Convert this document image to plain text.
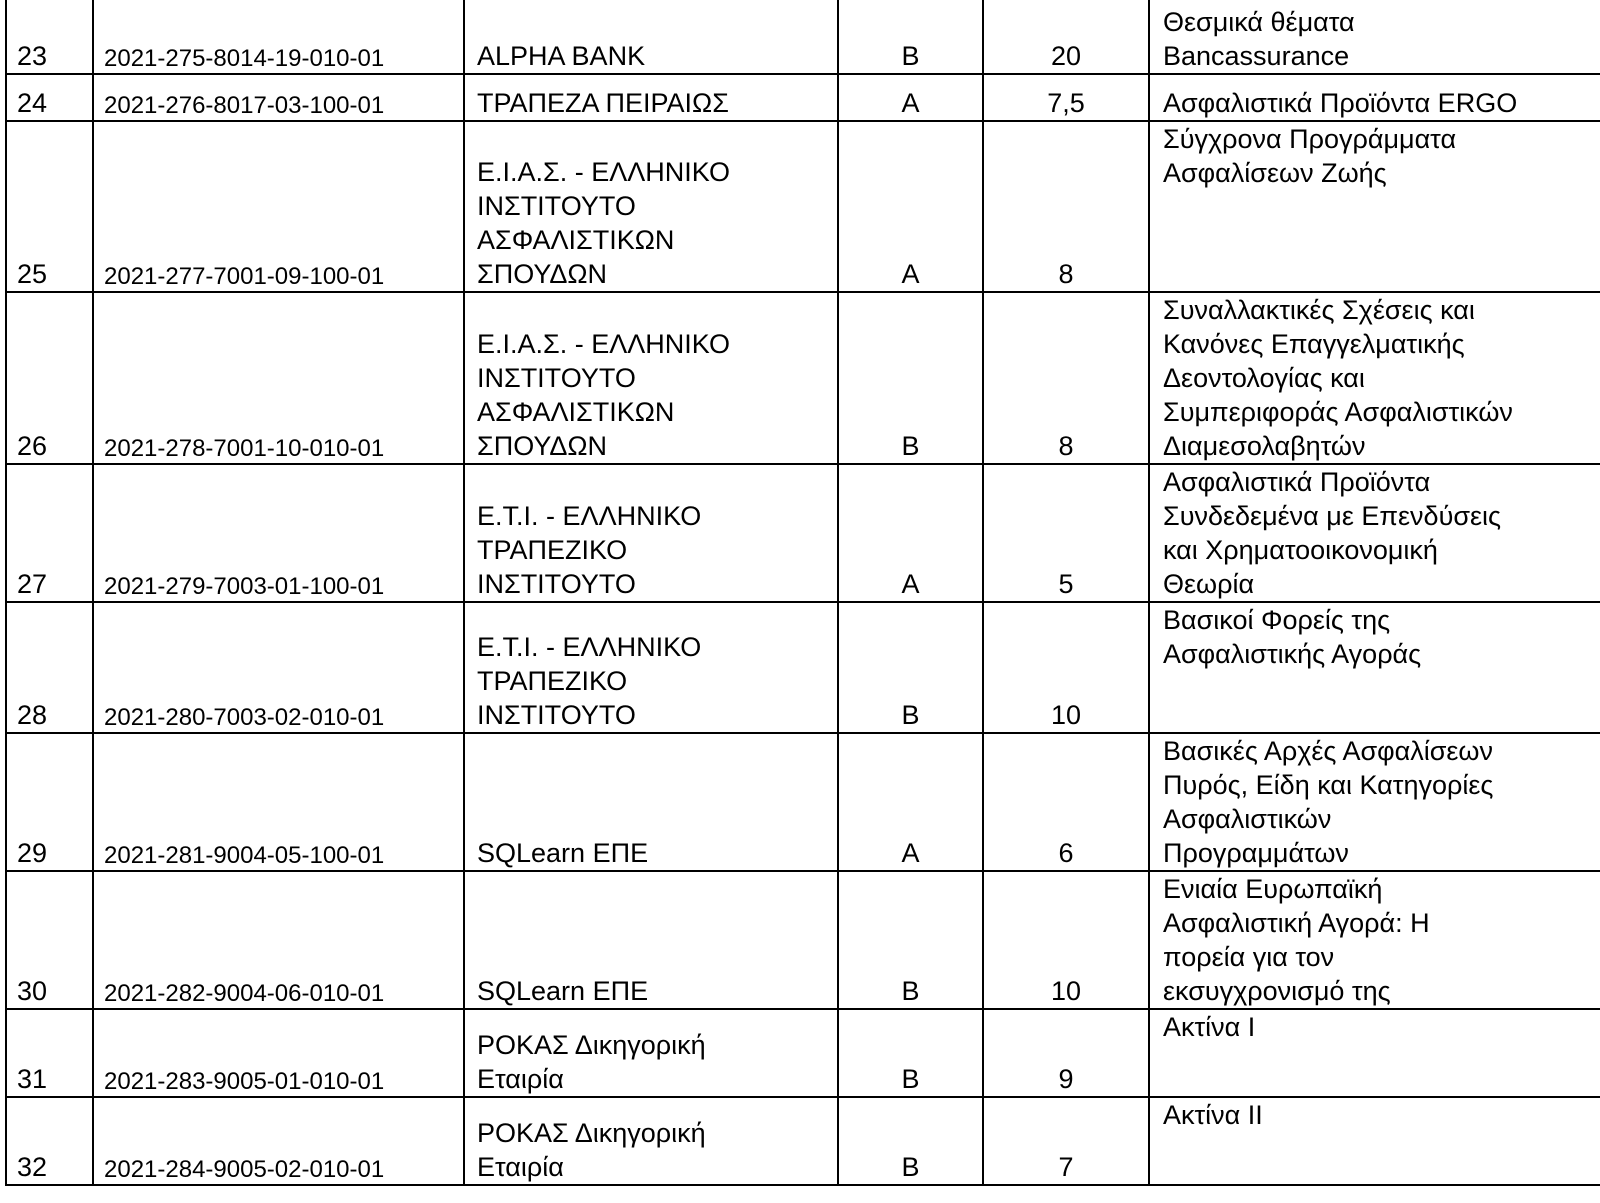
23	2021-275-8014-19-010-01	ALPHA BANK	B	20	Θεσμικά θέματα
Bancassurance
24	2021-276-8017-03-100-01	ΤΡΑΠΕΖΑ ΠΕΙΡΑΙΩΣ	A	7,5	Ασφαλιστικά Προϊόντα ERGO
25	2021-277-7001-09-100-01	Ε.Ι.Α.Σ. - ΕΛΛΗΝΙΚΟ
ΙΝΣΤΙΤΟΥΤΟ
ΑΣΦΑΛΙΣΤΙΚΩΝ
ΣΠΟΥΔΩΝ	A	8	Σύγχρονα Προγράμματα
Ασφαλίσεων Ζωής
26	2021-278-7001-10-010-01	Ε.Ι.Α.Σ. - ΕΛΛΗΝΙΚΟ
ΙΝΣΤΙΤΟΥΤΟ
ΑΣΦΑΛΙΣΤΙΚΩΝ
ΣΠΟΥΔΩΝ	B	8	Συναλλακτικές Σχέσεις και
Κανόνες Επαγγελματικής
Δεοντολογίας και
Συμπεριφοράς Ασφαλιστικών
Διαμεσολαβητών
27	2021-279-7003-01-100-01	Ε.Τ.Ι. - ΕΛΛΗΝΙΚΟ
ΤΡΑΠΕΖΙΚΟ
ΙΝΣΤΙΤΟΥΤΟ	A	5	Ασφαλιστικά Προϊόντα
Συνδεδεμένα με Επενδύσεις
και Χρηματοοικονομική
Θεωρία
28	2021-280-7003-02-010-01	Ε.Τ.Ι. - ΕΛΛΗΝΙΚΟ
ΤΡΑΠΕΖΙΚΟ
ΙΝΣΤΙΤΟΥΤΟ	B	10	Βασικοί Φορείς της
Ασφαλιστικής Αγοράς
29	2021-281-9004-05-100-01	SQLearn ΕΠΕ	A	6	Βασικές Αρχές Ασφαλίσεων
Πυρός, Είδη και Κατηγορίες
Ασφαλιστικών
Προγραμμάτων
30	2021-282-9004-06-010-01	SQLearn ΕΠΕ	B	10	Ενιαία Ευρωπαϊκή
Ασφαλιστική Αγορά: Η
πορεία για τον
εκσυγχρονισμό της
31	2021-283-9005-01-010-01	ΡΟΚΑΣ Δικηγορική
Εταιρία	B	9	Ακτίνα Ι
32	2021-284-9005-02-010-01	ΡΟΚΑΣ Δικηγορική
Εταιρία	B	7	Ακτίνα ΙΙ
